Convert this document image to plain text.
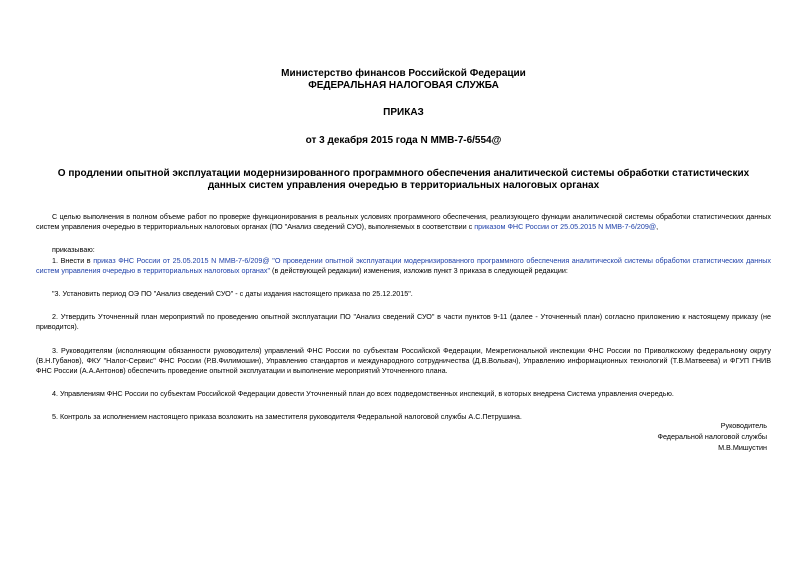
Министерство финансов Российской Федерации
ФЕДЕРАЛЬНАЯ НАЛОГОВАЯ СЛУЖБА
ПРИКАЗ
от 3 декабря 2015 года N ММВ-7-6/554@
О продлении опытной эксплуатации модернизированного программного обеспечения аналитической системы обработки статистических данных систем управления очередью в территориальных налоговых органах

С целью выполнения в полном объеме работ по проверке функционирования в реальных условиях программного обеспечения, реализующего функции аналитической системы обработки статистических данных систем управления очередью в территориальных налоговых органах (ПО "Анализ сведений СУО), выполняемых в соответствии с приказом ФНС России от 25.05.2015 N ММВ-7-6/209@,

приказываю:

1. Внести в приказ ФНС России от 25.05.2015 N ММВ-7-6/209@ "О проведении опытной эксплуатации модернизированного программного обеспечения аналитической системы обработки статистических данных систем управления очередью в территориальных налоговых органах" (в действующей редакции) изменения, изложив пункт 3 приказа в следующей редакции:

"3. Установить период ОЭ ПО "Анализ сведений СУО" - с даты издания настоящего приказа по 25.12.2015".

2. Утвердить Уточненный план мероприятий по проведению опытной эксплуатации ПО "Анализ сведений СУО" в части пунктов 9-11 (далее - Уточненный план) согласно приложению к настоящему приказу (не приводится).

3. Руководителям (исполняющим обязанности руководителя) управлений ФНС России по субъектам Российской Федерации, Межрегиональной инспекции ФНС России по Приволжскому федеральному округу (В.Н.Губанов), ФКУ "Налог-Сервис" ФНС России (Р.В.Филимошин), Управлению стандартов и международного сотрудничества (Д.В.Вольвач), Управлению информационных технологий (Т.В.Матвеева) и ФГУП ГНИВ ФНС России (А.А.Антонов) обеспечить проведение опытной эксплуатации и выполнение мероприятий Уточненного плана.

4. Управлениям ФНС России по субъектам Российской Федерации довести Уточненный план до всех подведомственных инспекций, в которых внедрена Система управления очередью.

5. Контроль за исполнением настоящего приказа возложить на заместителя руководителя Федеральной налоговой службы А.С.Петрушина.

Руководитель
Федеральной налоговой службы
М.В.Мишустин
